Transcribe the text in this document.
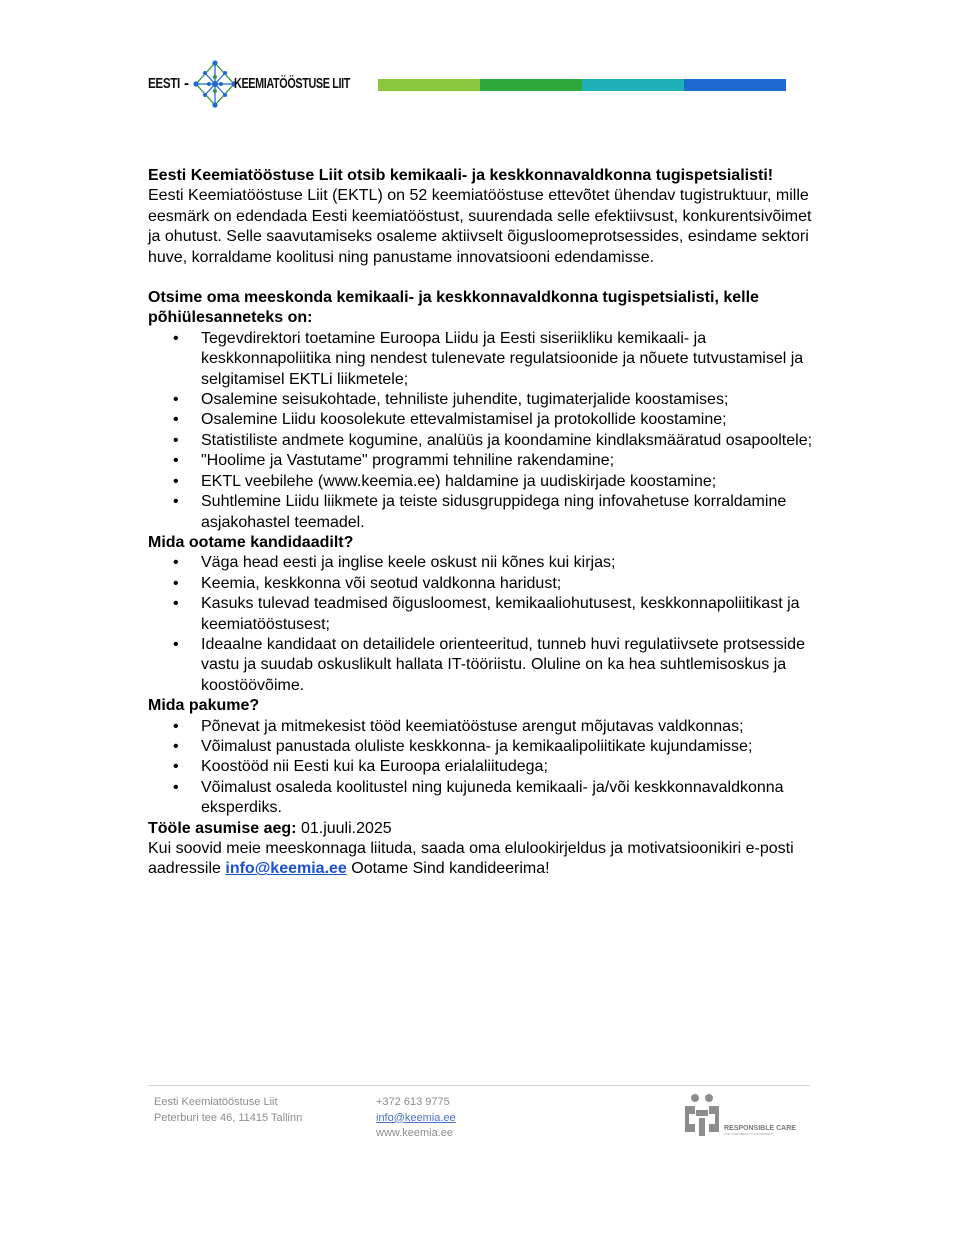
EESTI -	KEEMIATÖÖSTUSE LIIT

Eesti Keemiatööstuse Liit otsib kemikaali- ja keskkonnavaldkonna tugispetsialisti!

Eesti Keemiatööstuse Liit (EKTL) on 52 keemiatööstuse ettevõtet ühendav tugistruktuur, mille eesmärk on edendada Eesti keemiatööstust, suurendada selle efektiivsust, konkurentsivõimet ja ohutust. Selle saavutamiseks osaleme aktiivselt õigusloomeprotsessides, esindame sektori huve, korraldame koolitusi ning panustame innovatsiooni edendamisse.

Otsime oma meeskonda kemikaali- ja keskkonnavaldkonna tugispetsialisti, kelle põhiülesanneteks on:

• Tegevdirektori toetamine Euroopa Liidu ja Eesti siseriikliku kemikaali- ja keskkonnapoliitika ning nendest tulenevate regulatsioonide ja nõuete tutvustamisel ja selgitamisel EKTLi liikmetele;
• Osalemine seisukohtade, tehniliste juhendite, tugimaterjalide koostamises;
• Osalemine Liidu koosolekute ettevalmistamisel ja protokollide koostamine;
• Statistiliste andmete kogumine, analüüs ja koondamine kindlaksmääratud osapooltele;
• "Hoolime ja Vastutame" programmi tehniline rakendamine;
• EKTL veebilehe (www.keemia.ee) haldamine ja uudiskirjade koostamine;
• Suhtlemine Liidu liikmete ja teiste sidusgruppidega ning infovahetuse korraldamine asjakohastel teemadel.

Mida ootame kandidaadilt?

• Väga head eesti ja inglise keele oskust nii kõnes kui kirjas;
• Keemia, keskkonna või seotud valdkonna haridust;
• Kasuks tulevad teadmised õigusloomest, kemikaaliohutusest, keskkonnapoliitikast ja keemiatööstusest;
• Ideaalne kandidaat on detailidele orienteeritud, tunneb huvi regulatiivsete protsesside vastu ja suudab oskuslikult hallata IT-tööriistu. Oluline on ka hea suhtlemisoskus ja koostöövõime.

Mida pakume?

• Põnevat ja mitmekesist tööd keemiatööstuse arengut mõjutavas valdkonnas;
• Võimalust panustada oluliste keskkonna- ja kemikaalipoliitikate kujundamisse;
• Koostööd nii Eesti kui ka Euroopa erialaliitudega;
• Võimalust osaleda koolitustel ning kujuneda kemikaali- ja/või keskkonnavaldkonna eksperdiks.

Tööle asumise aeg: 01.juuli.2025

Kui soovid meie meeskonnaga liituda, saada oma elulookirjeldus ja motivatsioonikiri e-posti aadressile info@keemia.ee Ootame Sind kandideerima!

Eesti Keemiatööstuse Liit
Peterburi tee 46, 11415 Tallinn
+372 613 9775
info@keemia.ee
www.keemia.ee	RESPONSIBLE CARE
OUR COMMITMENT TO SUSTAINABILITY
